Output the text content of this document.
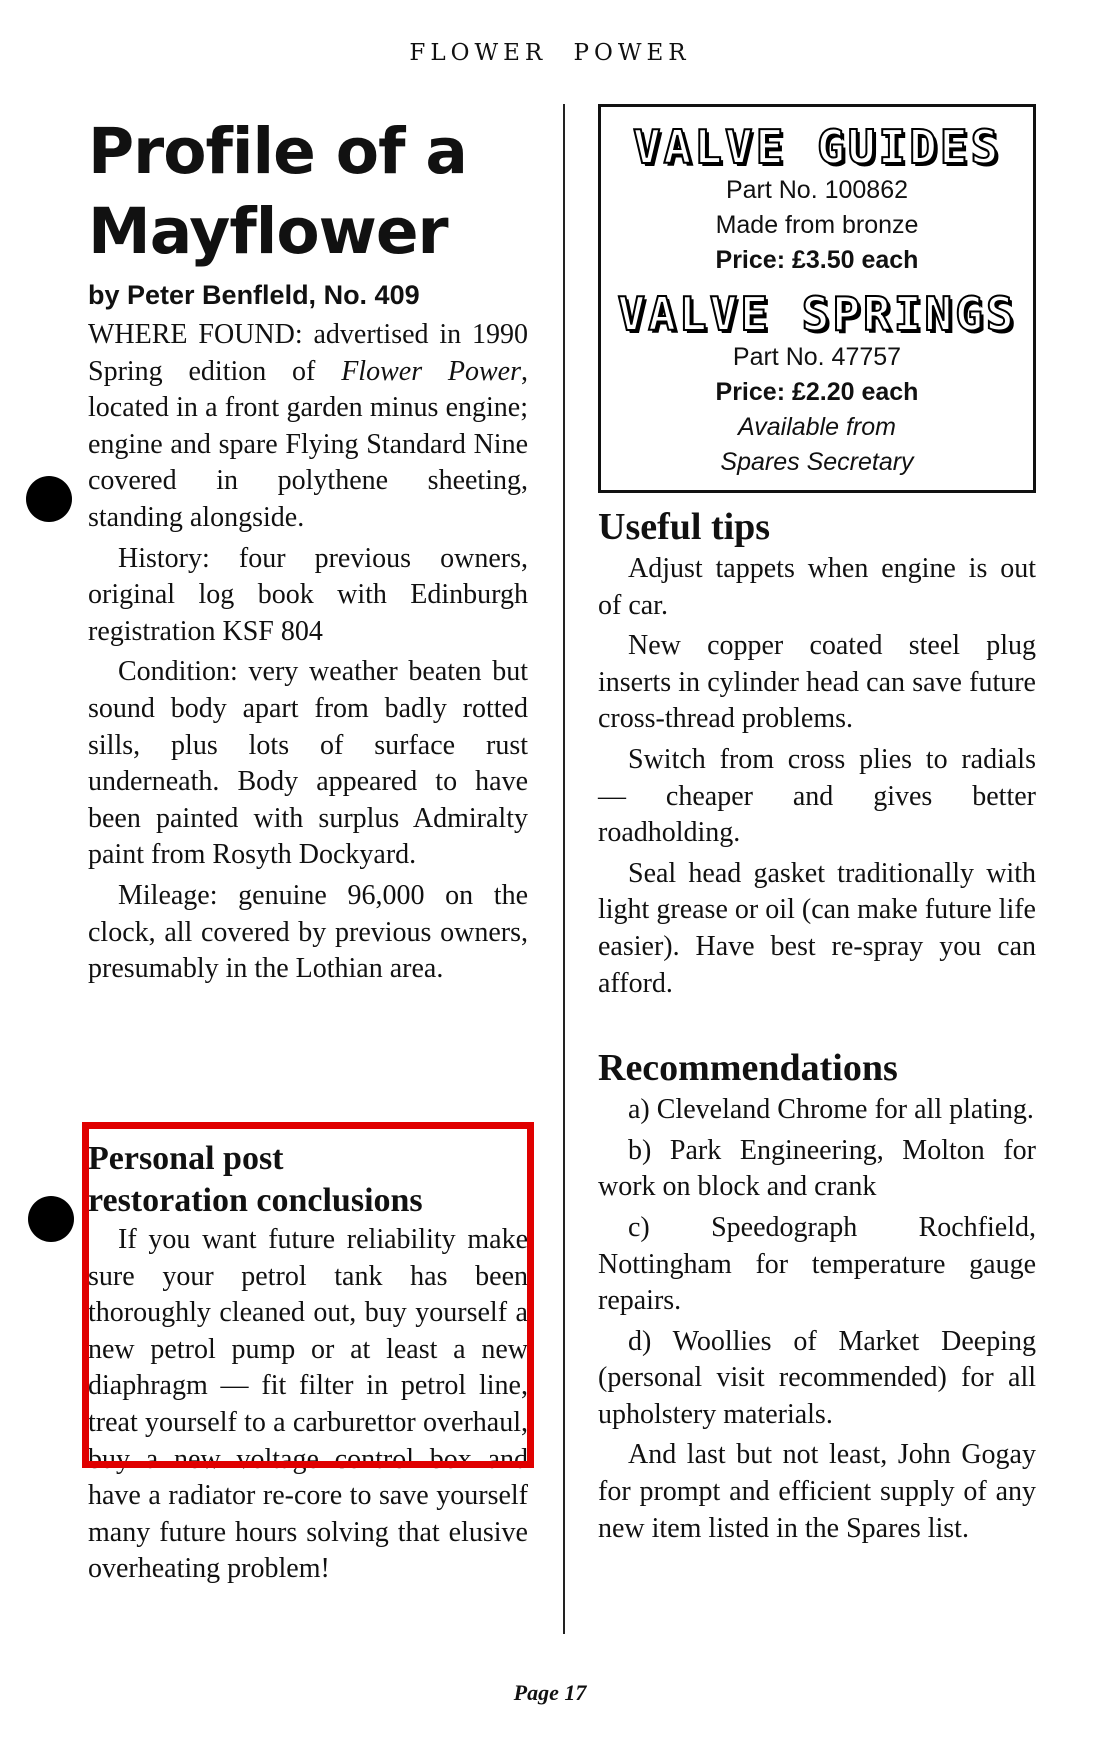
FLOWER POWER
Profile of a
Mayflower
by Peter Benfleld, No. 409

WHERE FOUND: advertised in 1990 Spring edition of Flower Power, located in a front garden minus engine; engine and spare Flying Standard Nine covered in polythene sheeting, standing alongside.

History: four previous owners, original log book with Edinburgh registration KSF 804

Condition: very weather beaten but sound body apart from badly rotted sills, plus lots of surface rust underneath. Body appeared to have been painted with surplus Admiralty paint from Rosyth Dockyard.

Mileage: genuine 96,000 on the clock, all covered by previous owners, presumably in the Lothian area.

Personal post
restoration conclusions

If you want future reliability make sure your petrol tank has been thoroughly cleaned out, buy yourself a new petrol pump or at least a new diaphragm — fit filter in petrol line, treat yourself to a carburettor overhaul, buy a new voltage control box and have a radiator re-core to save yourself many future hours solving that elusive overheating problem!

VALVE GUIDES
Part No. 100862
Made from bronze
Price: £3.50 each
VALVE SPRINGS
Part No. 47757
Price: £2.20 each
Available from
Spares Secretary
Useful tips

Adjust tappets when engine is out of car.

New copper coated steel plug inserts in cylinder head can save future cross-thread problems.

Switch from cross plies to radials — cheaper and gives better roadholding.

Seal head gasket traditionally with light grease or oil (can make future life easier). Have best re-spray you can afford.

Recommendations

a) Cleveland Chrome for all plating.

b) Park Engineering, Molton for work on block and crank

c) Speedograph Rochfield, Nottingham for temperature gauge repairs.

d) Woollies of Market Deeping (personal visit recommended) for all upholstery materials.

And last but not least, John Gogay for prompt and efficient supply of any new item listed in the Spares list.

Page 17
